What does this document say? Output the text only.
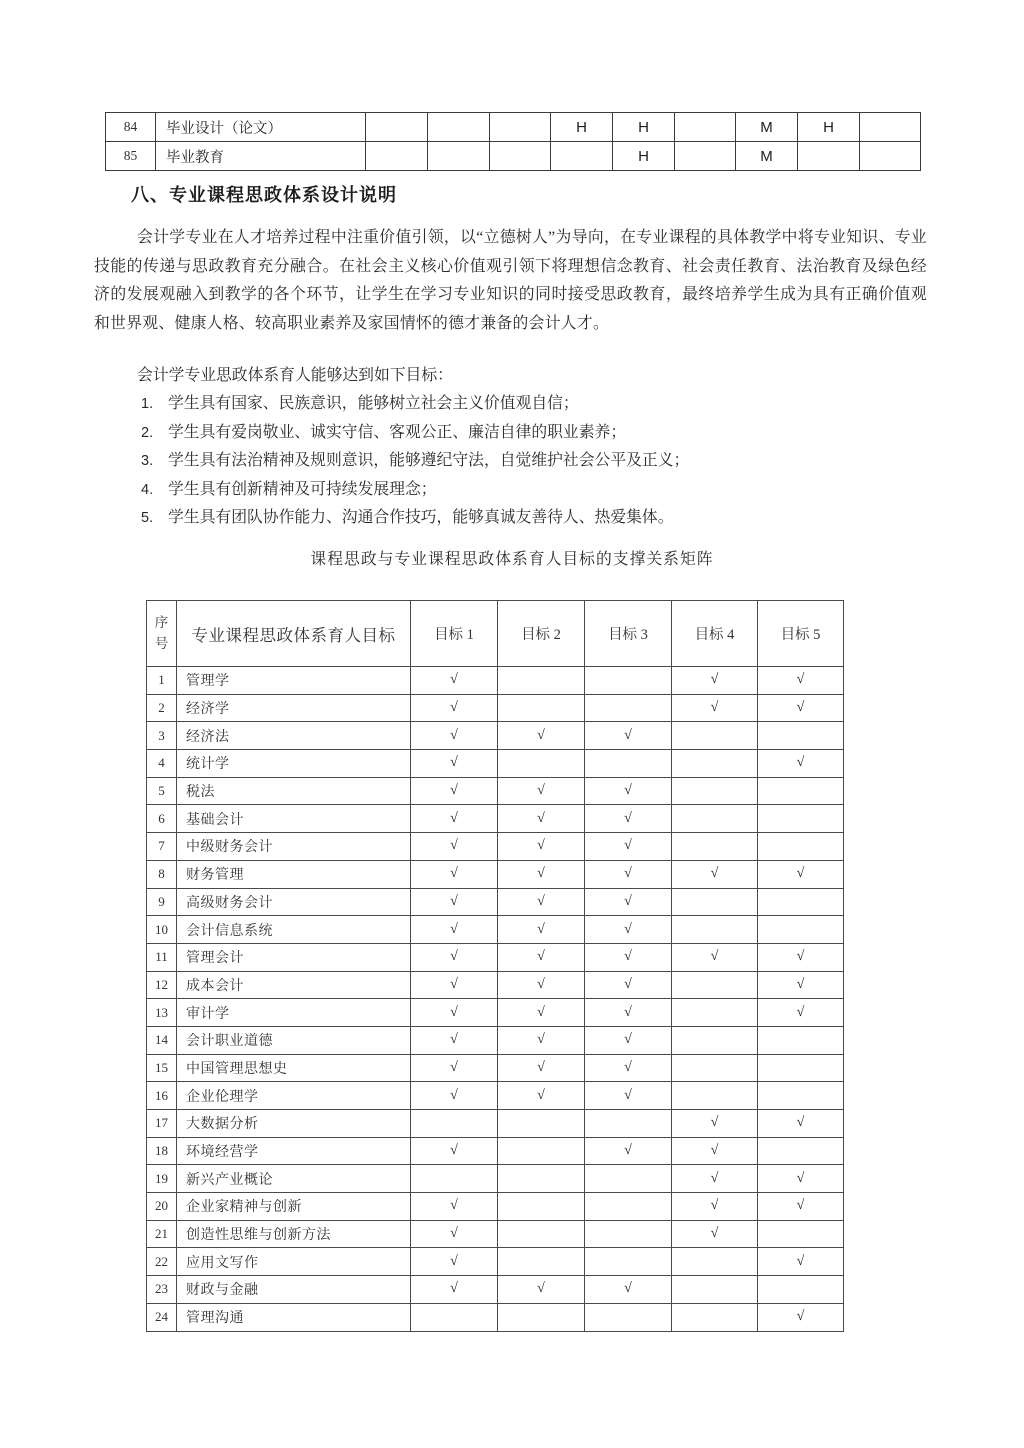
84	毕业设计（论文）				H	H		M	H	
85	毕业教育					H		M		
八、专业课程思政体系设计说明
会计学专业在人才培养过程中注重价值引领，以“立德树人”为导向，在专业课程的具体教学中将专业知识、专业技能的传递与思政教育充分融合。在社会主义核心价值观引领下将理想信念教育、社会责任教育、法治教育及绿色经济的发展观融入到教学的各个环节，让学生在学习专业知识的同时接受思政教育，最终培养学生成为具有正确价值观和世界观、健康人格、较高职业素养及家国情怀的德才兼备的会计人才。
会计学专业思政体系育人能够达到如下目标：
1. 学生具有国家、民族意识，能够树立社会主义价值观自信；
2. 学生具有爱岗敬业、诚实守信、客观公正、廉洁自律的职业素养；
3. 学生具有法治精神及规则意识，能够遵纪守法，自觉维护社会公平及正义；
4. 学生具有创新精神及可持续发展理念；
5. 学生具有团队协作能力、沟通合作技巧，能够真诚友善待人、热爱集体。
课程思政与专业课程思政体系育人目标的支撑关系矩阵
序号	专业课程思政体系育人目标	目标 1	目标 2	目标 3	目标 4	目标 5
1	管理学	√			√	√
2	经济学	√			√	√
3	经济法	√	√	√		
4	统计学	√				√
5	税法	√	√	√		
6	基础会计	√	√	√		
7	中级财务会计	√	√	√		
8	财务管理	√	√	√	√	√
9	高级财务会计	√	√	√		
10	会计信息系统	√	√	√		
11	管理会计	√	√	√	√	√
12	成本会计	√	√	√		√
13	审计学	√	√	√		√
14	会计职业道德	√	√	√		
15	中国管理思想史	√	√	√		
16	企业伦理学	√	√	√		
17	大数据分析				√	√
18	环境经营学	√		√	√	
19	新兴产业概论				√	√
20	企业家精神与创新	√			√	√
21	创造性思维与创新方法	√			√	
22	应用文写作	√				√
23	财政与金融	√	√	√		
24	管理沟通					√
